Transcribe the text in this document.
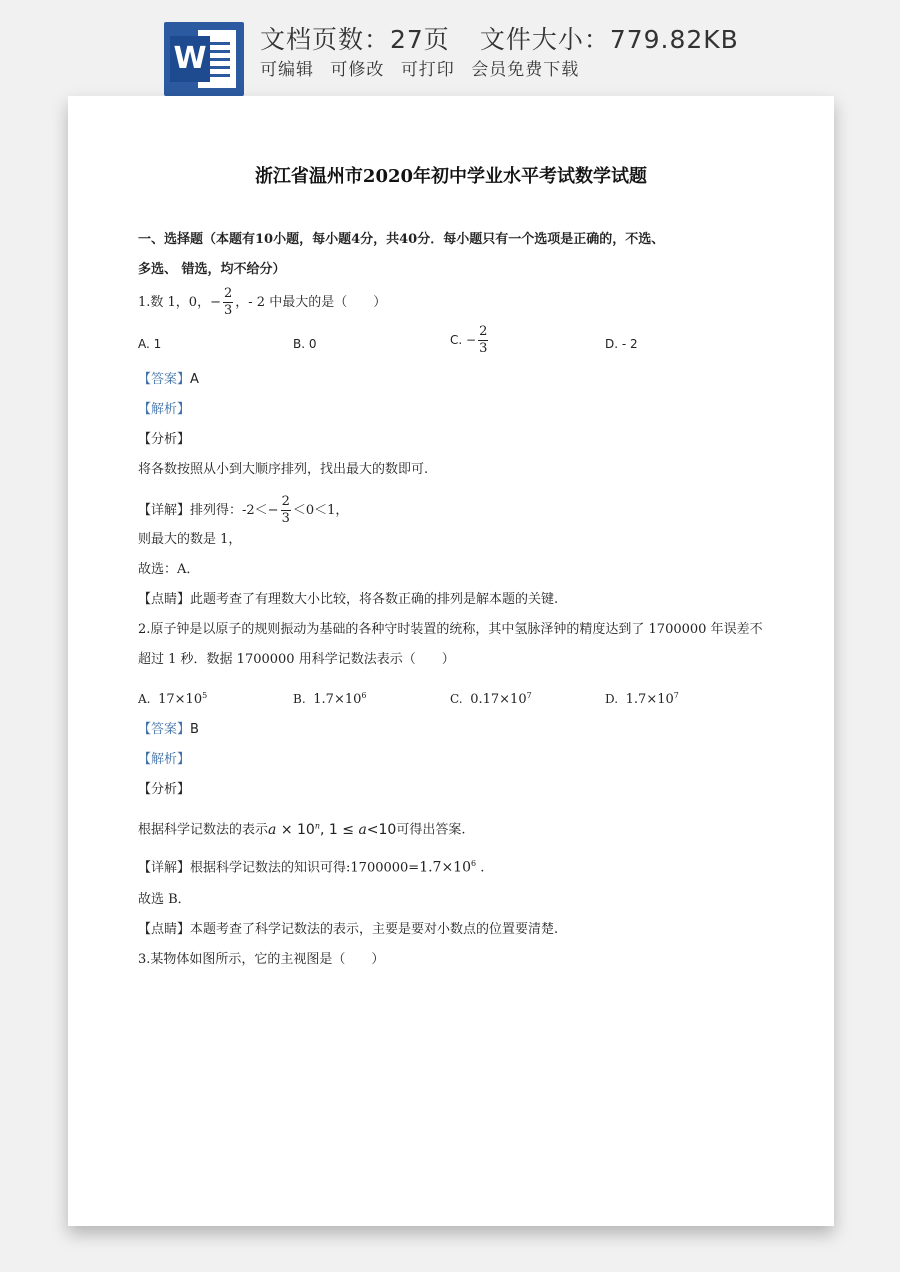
W
文档页数：27页 文件大小：779.82KB
可编辑 可修改 可打印 会员免费下载
浙江省温州市2020年初中学业水平考试数学试题
一、选择题（本题有10小题，每小题4分，共40分．每小题只有一个选项是正确的，不选、
多选、 错选，均不给分）
1.数 1，0，− $\frac{2}{3}$ ，- 2 中最大的是（　　）
A. 1	B. 0	C. − $\frac{2}{3}$	D. - 2
【答案】A
【解析】
【分析】
将各数按照从小到大顺序排列，找出最大的数即可.
【详解】排列得：$-2<- \frac{2}{3} <0<1$，
则最大的数是 1，
故选：A．
【点睛】此题考查了有理数大小比较，将各数正确的排列是解本题的关键.
2.原子钟是以原子的规则振动为基础的各种守时装置的统称，其中氢脉泽钟的精度达到了 1700000 年误差不
超过 1 秒．数据 1700000 用科学记数法表示（　　）
A. $17\times 10^5$	B. $1.7\times 10^6$	C. $0.17\times 10^7$	D. $1.7\times 10^7$
【答案】B
【解析】
【分析】
根据科学记数法的表示$a \times 10^n$, 1 ≤ a<10可得出答案.
【详解】根据科学记数法的知识可得$:1700000=1.7\times 10^6$ .
故选 B．
【点睛】本题考查了科学记数法的表示，主要是要对小数点的位置要清楚.
3.某物体如图所示，它的主视图是（　　）
